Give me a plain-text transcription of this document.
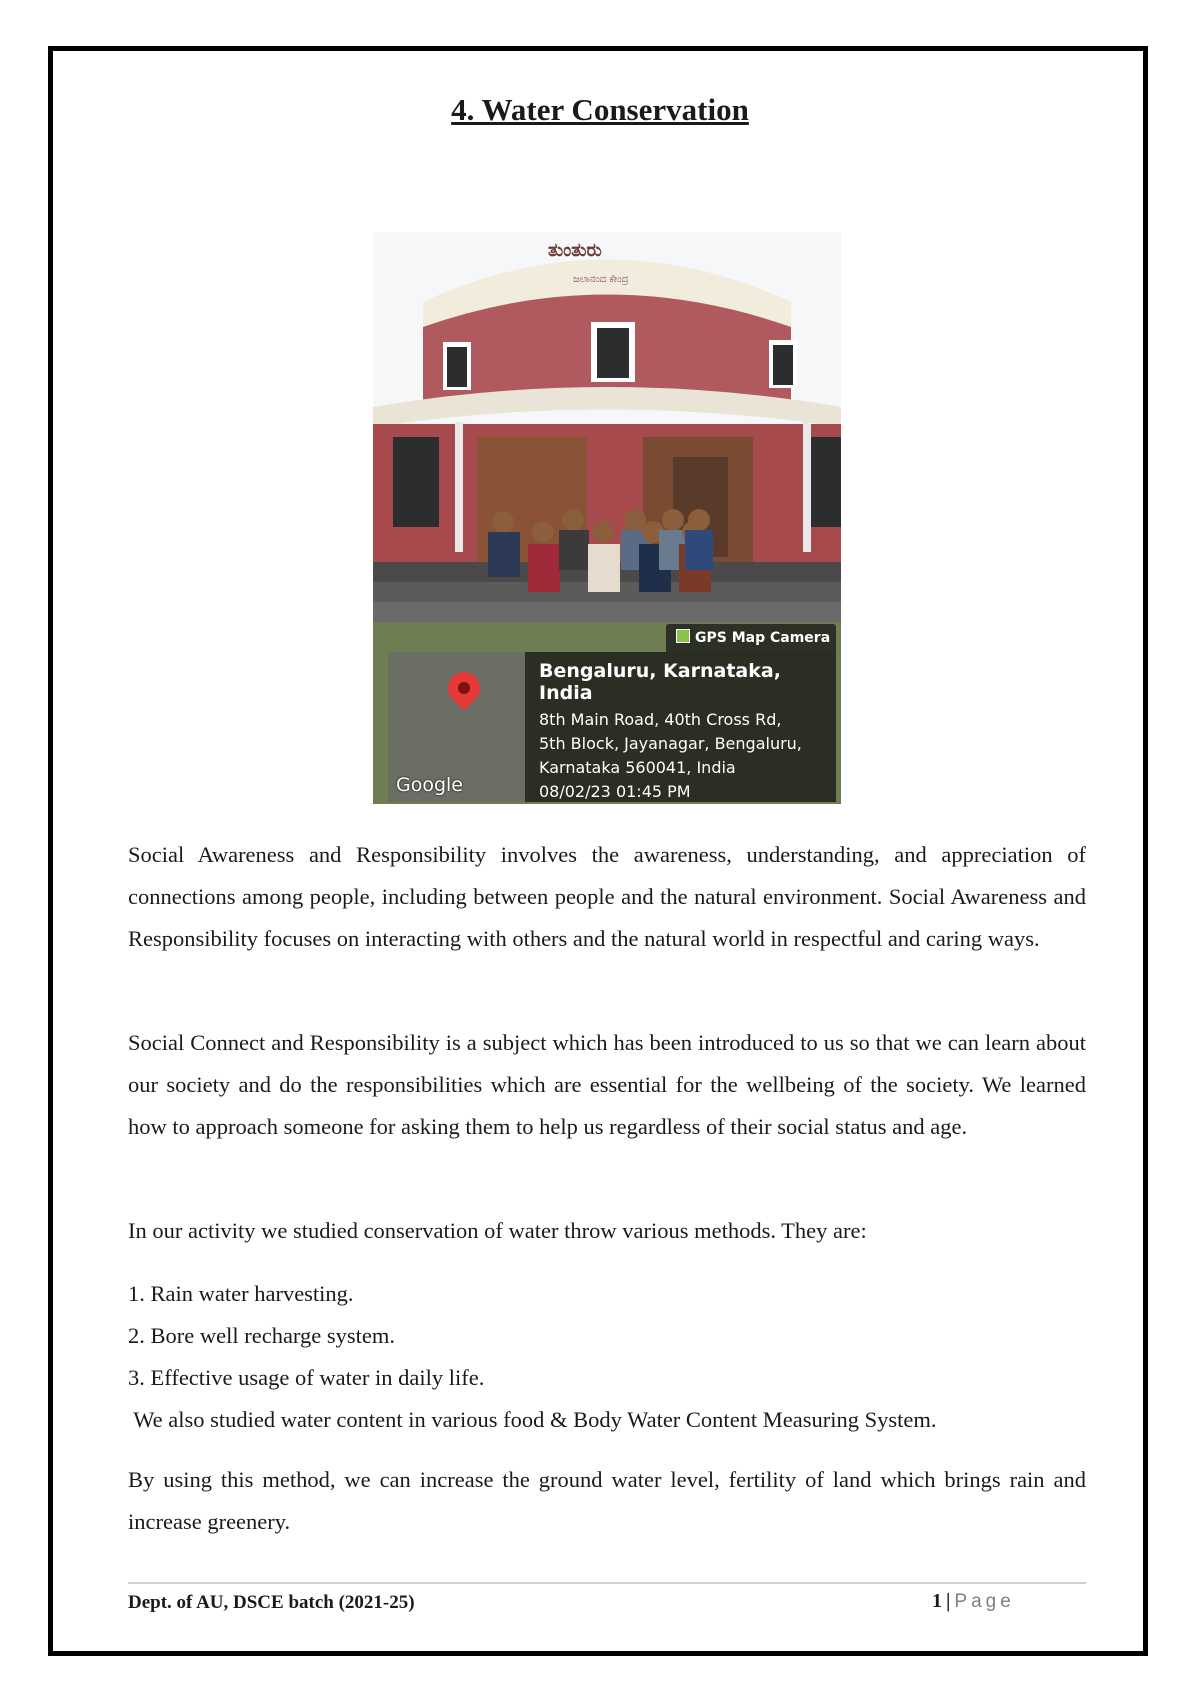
4. Water Conservation
ತುಂತುರು
ಜಲಾನಂದ ಕೇಂದ್ರ
GPS Map Camera
Google
Bengaluru, Karnataka, India
8th Main Road, 40th Cross Rd,
5th Block, Jayanagar, Bengaluru,
Karnataka 560041, India
08/02/23 01:45 PM
Social Awareness and Responsibility involves the awareness, understanding, and appreciation of connections among people, including between people and the natural environment. Social Awareness and Responsibility focuses on interacting with others and the natural world in respectful and caring ways.
Social Connect and Responsibility is a subject which has been introduced to us so that we can learn about our society and do the responsibilities which are essential for the wellbeing of the society. We learned how to approach someone for asking them to help us regardless of their social status and age.
In our activity we studied conservation of water throw various methods. They are:
1. Rain water harvesting.
2. Bore well recharge system.
3. Effective usage of water in daily life.
We also studied water content in various food & Body Water Content Measuring System.
By using this method, we can increase the ground water level, fertility of land which brings rain and increase greenery.
Dept. of AU, DSCE batch (2021-25)	1 | Page
